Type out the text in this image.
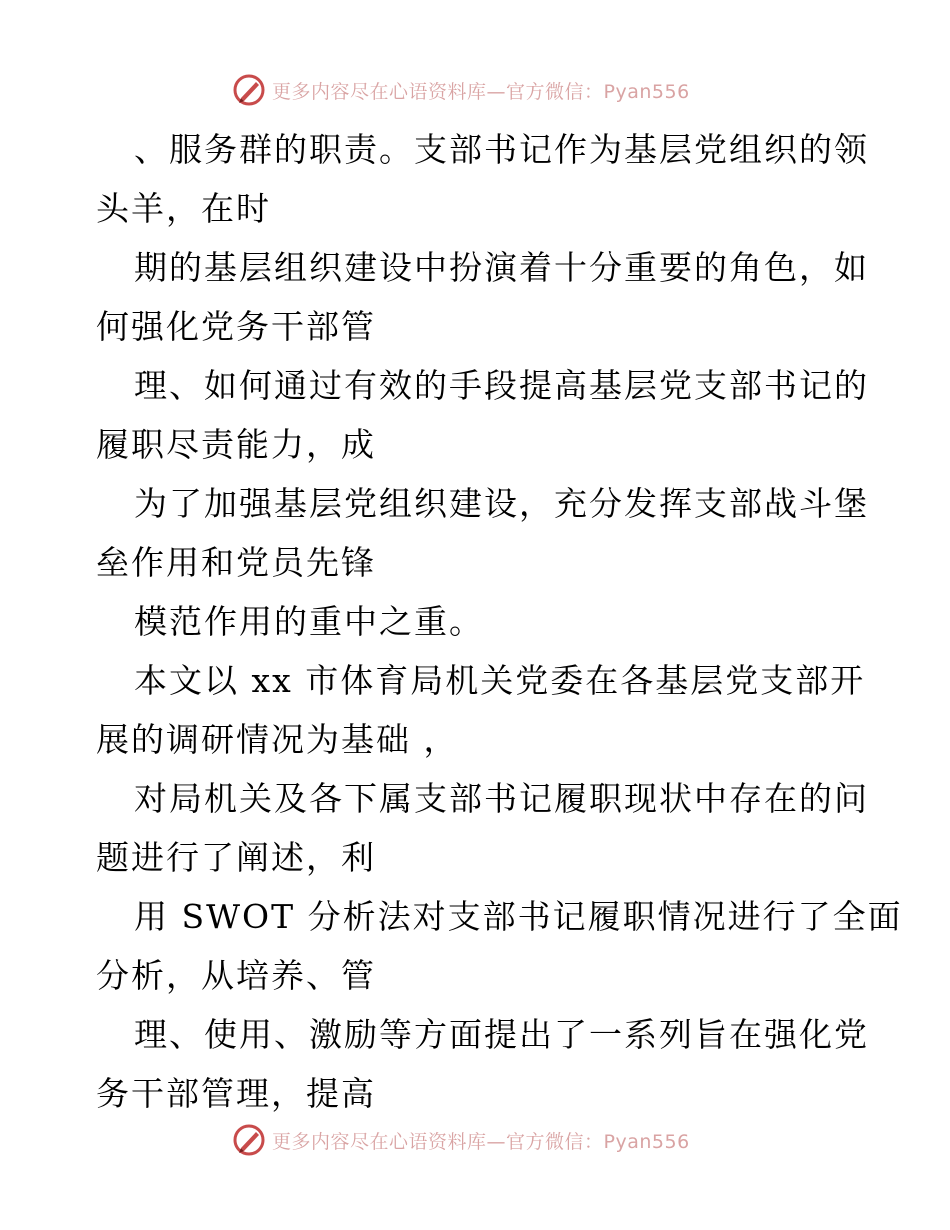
更多内容尽在心语资料库—官方微信：Pyan556

、服务群的职责。支部书记作为基层党组织的领
头羊，在时

期的基层组织建设中扮演着十分重要的角色，如
何强化党务干部管

理、如何通过有效的手段提高基层党支部书记的
履职尽责能力，成

为了加强基层党组织建设，充分发挥支部战斗堡
垒作用和党员先锋

模范作用的重中之重。

本文以 xx 市体育局机关党委在各基层党支部开
展的调研情况为基础 ，

对局机关及各下属支部书记履职现状中存在的问
题进行了阐述，利

用 SWOT 分析法对支部书记履职情况进行了全面
分析，从培养、管

理、使用、激励等方面提出了一系列旨在强化党
务干部管理，提高

更多内容尽在心语资料库—官方微信：Pyan556
